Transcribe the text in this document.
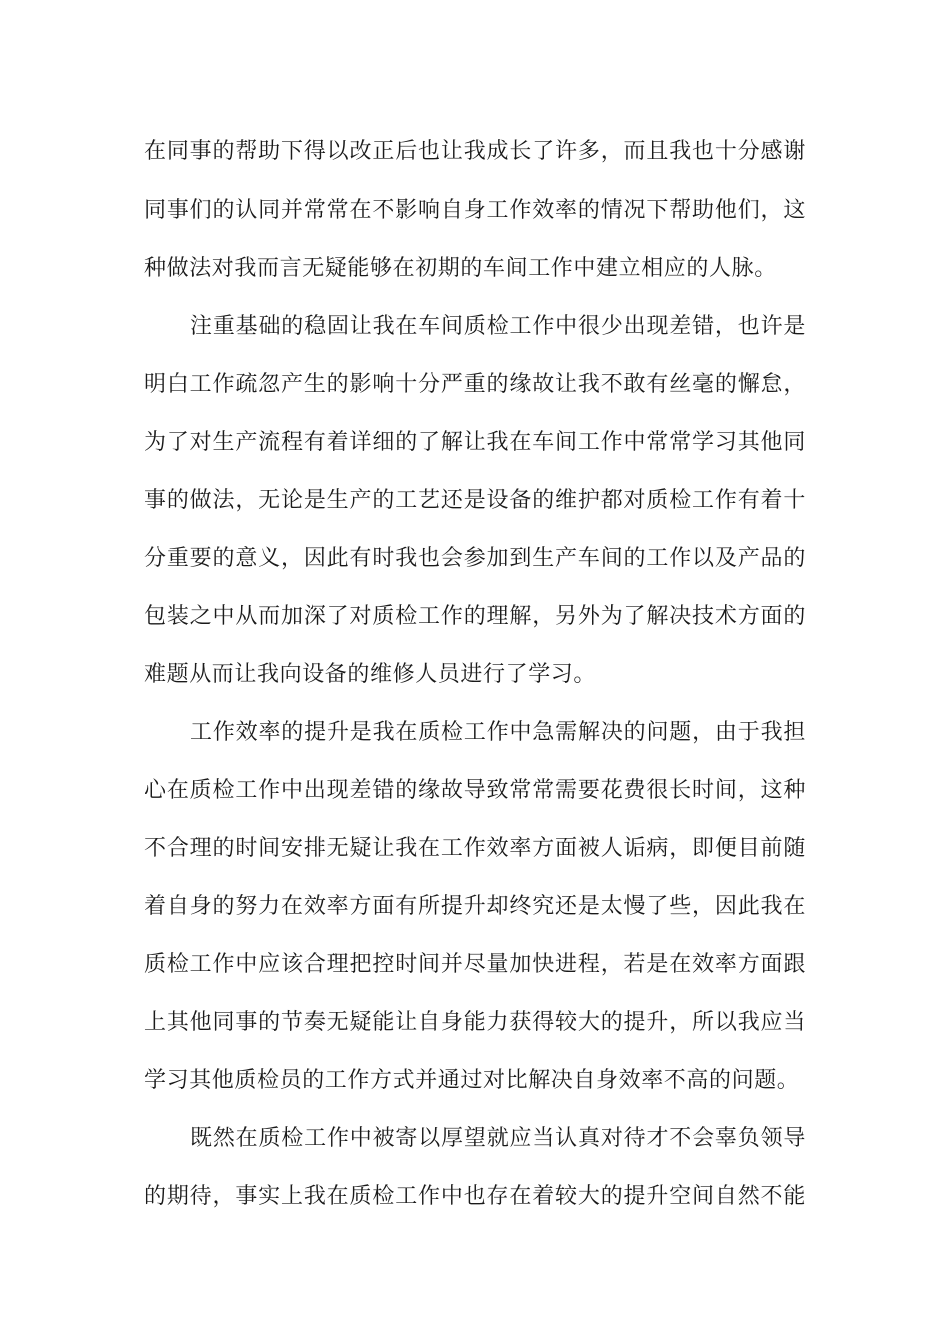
在同事的帮助下得以改正后也让我成长了许多，而且我也十分感谢
同事们的认同并常常在不影响自身工作效率的情况下帮助他们，这
种做法对我而言无疑能够在初期的车间工作中建立相应的人脉。
注重基础的稳固让我在车间质检工作中很少出现差错，也许是
明白工作疏忽产生的影响十分严重的缘故让我不敢有丝毫的懈怠，
为了对生产流程有着详细的了解让我在车间工作中常常学习其他同
事的做法，无论是生产的工艺还是设备的维护都对质检工作有着十
分重要的意义，因此有时我也会参加到生产车间的工作以及产品的
包装之中从而加深了对质检工作的理解，另外为了解决技术方面的
难题从而让我向设备的维修人员进行了学习。
工作效率的提升是我在质检工作中急需解决的问题，由于我担
心在质检工作中出现差错的缘故导致常常需要花费很长时间，这种
不合理的时间安排无疑让我在工作效率方面被人诟病，即便目前随
着自身的努力在效率方面有所提升却终究还是太慢了些，因此我在
质检工作中应该合理把控时间并尽量加快进程，若是在效率方面跟
上其他同事的节奏无疑能让自身能力获得较大的提升，所以我应当
学习其他质检员的工作方式并通过对比解决自身效率不高的问题。
既然在质检工作中被寄以厚望就应当认真对待才不会辜负领导
的期待，事实上我在质检工作中也存在着较大的提升空间自然不能
